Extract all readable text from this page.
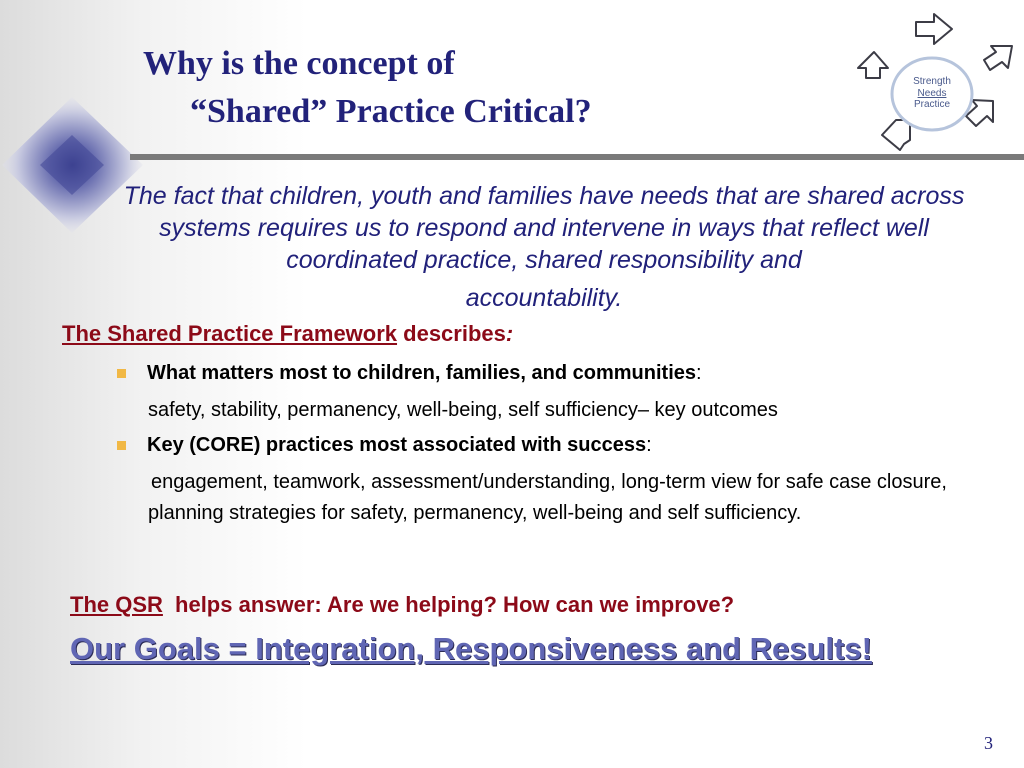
Why is the concept of
“Shared” Practice Critical?
Strength
Needs
Practice

The fact that children, youth and families have needs that are shared across systems requires us to respond and intervene in ways that reflect well coordinated practice, shared responsibility and
accountability.

The Shared Practice Framework describes:

What matters most to children, families, and communities:

safety, stability, permanency, well-being, self sufficiency– key outcomes

Key (CORE) practices most associated with success:

engagement, teamwork, assessment/understanding, long-term view for safe case closure, planning strategies for safety, permanency, well-being and self sufficiency.

The QSR helps answer: Are we helping? How can we improve?

Our Goals = Integration, Responsiveness and Results!

3
